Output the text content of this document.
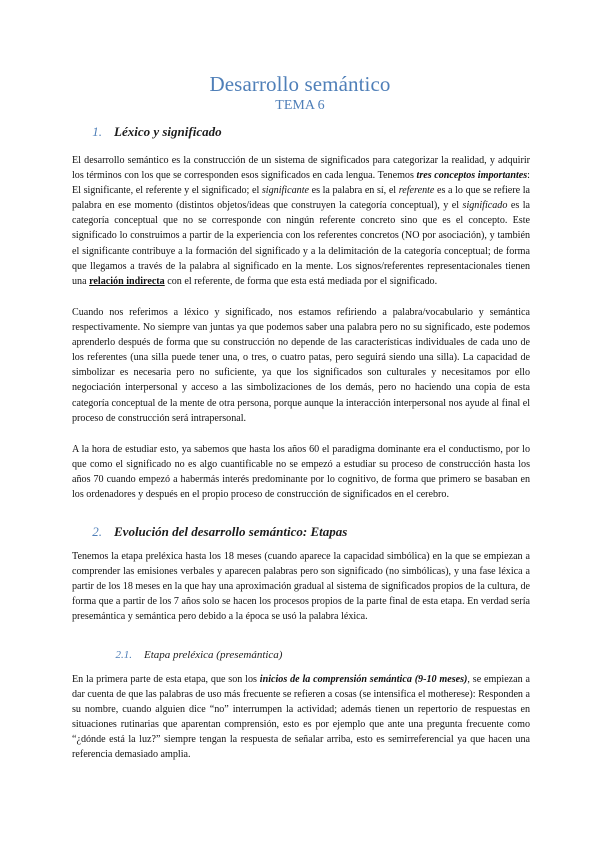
Desarrollo semántico
TEMA 6
1. Léxico y significado
El desarrollo semántico es la construcción de un sistema de significados para categorizar la realidad, y adquirir los términos con los que se corresponden esos significados en cada lengua. Tenemos tres conceptos importantes: El significante, el referente y el significado; el significante es la palabra en sí, el referente es a lo que se refiere la palabra en ese momento (distintos objetos/ideas que construyen la categoría conceptual), y el significado es la categoría conceptual que no se corresponde con ningún referente concreto sino que es el concepto. Este significado lo construimos a partir de la experiencia con los referentes concretos (NO por asociación), y también el significante contribuye a la formación del significado y a la delimitación de la categoría conceptual; de forma que llegamos a través de la palabra al significado en la mente. Los signos/referentes representacionales tienen una relación indirecta con el referente, de forma que esta está mediada por el significado.
Cuando nos referimos a léxico y significado, nos estamos refiriendo a palabra/vocabulario y semántica respectivamente. No siempre van juntas ya que podemos saber una palabra pero no su significado, este podemos aprenderlo después de forma que su construcción no depende de las características individuales de cada uno de los referentes (una silla puede tener una, o tres, o cuatro patas, pero seguirá siendo una silla). La capacidad de simbolizar es necesaria pero no suficiente, ya que los significados son culturales y necesitamos por ello negociación interpersonal y acceso a las simbolizaciones de los demás, pero no haciendo una copia de esta categoría conceptual de la mente de otra persona, porque aunque la interacción interpersonal nos ayude al final el proceso de construcción será intrapersonal.
A la hora de estudiar esto, ya sabemos que hasta los años 60 el paradigma dominante era el conductismo, por lo que como el significado no es algo cuantificable no se empezó a estudiar su proceso de construcción hasta los años 70 cuando empezó a habermás interés predominante por lo cognitivo, de forma que primero se basaban en los ordenadores y después en el propio proceso de construcción de significados en el cerebro.
2. Evolución del desarrollo semántico: Etapas
Tenemos la etapa preléxica hasta los 18 meses (cuando aparece la capacidad simbólica) en la que se empiezan a comprender las emisiones verbales y aparecen palabras pero son significado (no simbólicas), y una fase léxica a partir de los 18 meses en la que hay una aproximación gradual al sistema de significados propios de la cultura, de forma que a partir de los 7 años solo se hacen los procesos propios de la parte final de esta etapa. En verdad sería presemántica y semántica pero debido a la época se usó la palabra léxica.
2.1. Etapa preléxica (presemántica)
En la primera parte de esta etapa, que son los inicios de la comprensión semántica (9-10 meses), se empiezan a dar cuenta de que las palabras de uso más frecuente se refieren a cosas (se intensifica el motherese): Responden a su nombre, cuando alguien dice “no” interrumpen la actividad; además tienen un repertorio de respuestas en situaciones rutinarias que aparentan comprensión, esto es por ejemplo que ante una pregunta frecuente como “¿dónde está la luz?” siempre tengan la respuesta de señalar arriba, esto es semirreferencial ya que hacen una referencia demasiado amplia.
